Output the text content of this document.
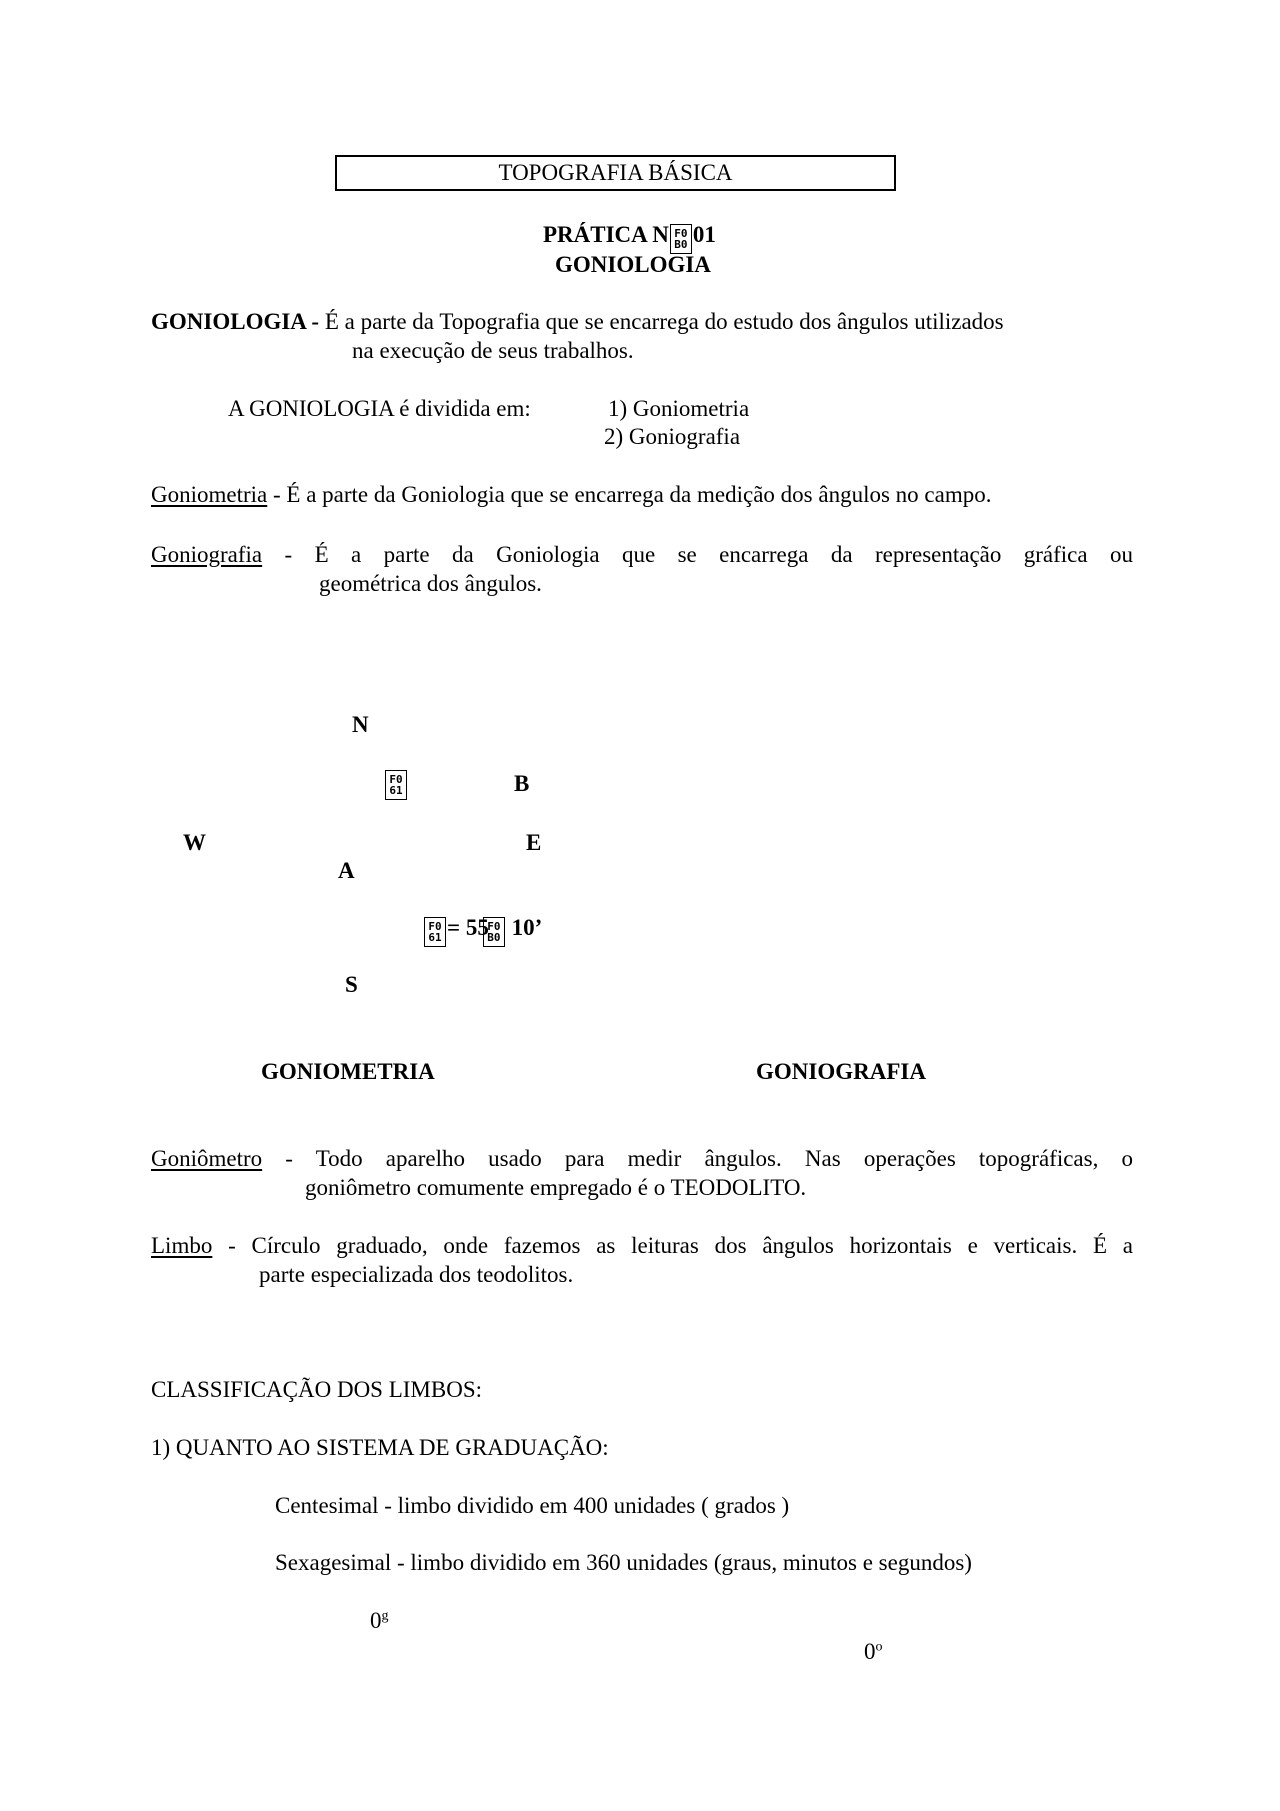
TOPOGRAFIA BÁSICA
PRÁTICA N F0
B0 01
GONIOLOGIA
GONIOLOGIA - É a parte da Topografia que se encarrega do estudo dos ângulos utilizados
na execução de seus trabalhos.
A GONIOLOGIA é dividida em:	1) Goniometria
2) Goniografia
Goniometria - É a parte da Goniologia que se encarrega da medição dos ângulos no campo.
Goniografia - É a parte da Goniologia que se encarrega da representação gráfica ou
geométrica dos ângulos.
N
F0
61	B
W	E
A
F0
61 = 55
F0
B0 10’
S
GONIOMETRIA	GONIOGRAFIA
Goniômetro - Todo aparelho usado para medir ângulos. Nas operações topográficas, o
goniômetro comumente empregado é o TEODOLITO.
Limbo - Círculo graduado, onde fazemos as leituras dos ângulos horizontais e verticais. É a
parte especializada dos teodolitos.
CLASSIFICAÇÃO DOS LIMBOS:
1) QUANTO AO SISTEMA DE GRADUAÇÃO:
Centesimal - limbo dividido em 400 unidades ( grados )
Sexagesimal - limbo dividido em 360 unidades (graus, minutos e segundos)
0$^g$
0$^o$
